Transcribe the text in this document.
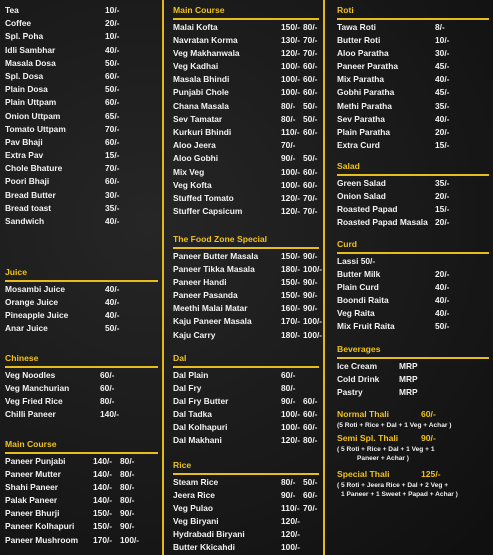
Tea	10/-
Coffee	20/-
Spl. Poha	10/-
Idli Sambhar	40/-
Masala Dosa	50/-
Spl. Dosa	60/-
Plain Dosa	50/-
Plain Uttpam	60/-
Onion Uttpam	65/-
Tomato Uttpam	70/-
Pav Bhaji	60/-
Extra Pav	15/-
Chole Bhature	70/-
Poori Bhaji	60/-
Bread Butter	30/-
Bread toast	35/-
Sandwich	40/-
Juice
Mosambi Juice	40/-
Orange Juice	40/-
Pineapple Juice	40/-
Anar Juice	50/-
Chinese
Veg Noodles	60/-
Veg Manchurian	60/-
Veg Fried Rice	80/-
Chilli Paneer	140/-
Main Course
Paneer Punjabi	140/- 80/-
Paneer Mutter	140/- 80/-
Shahi Paneer	140/- 80/-
Palak Paneer	140/- 80/-
Paneer Bhurji	150/- 90/-
Paneer Kolhapuri 150/- 90/-
Paneer Mushroom 170/- 100/-
Main Course
Malai Kofta	150/- 80/-
Navratan Korma	130/- 70/-
Veg Makhanwala	120/- 70/-
Veg Kadhai	100/- 60/-
Masala Bhindi	100/- 60/-
Punjabi Chole	100/- 60/-
Chana Masala	80/- 50/-
Sev Tamatar	80/- 50/-
Kurkuri Bhindi	110/- 60/-
Aloo Jeera	70/-
Aloo Gobhi	90/- 50/-
Mix Veg	100/- 60/-
Veg Kofta	100/- 60/-
Stuffed Tomato	120/- 70/-
Stuffer Capsicum	120/- 70/-
The Food Zone Special
Paneer Butter Masala	150/- 90/-
Paneer Tikka Masala	180/- 100/-
Paneer Handi	150/- 90/-
Paneer Pasanda	150/- 90/-
Meethi Malai Matar	160/- 90/-
Kaju Paneer Masala	170/- 100/-
Kaju Carry	180/- 100/-
Dal
Dal Plain	60/-
Dal Fry	80/-
Dal Fry Butter	90/- 60/-
Dal Tadka	100/- 60/-
Dal Kolhapuri	100/- 60/-
Dal Makhani	120/- 80/-
Rice
Steam Rice	80/- 50/-
Jeera Rice	90/- 60/-
Veg Pulao	110/- 70/-
Veg Biryani	120/-
Hydrabadi Biryani	120/-
Butter Kkicahdi	100/-
Roti
Tawa Roti	8/-
Butter Roti	10/-
Aloo Paratha	30/-
Paneer Paratha	45/-
Mix Paratha	40/-
Gobhi Paratha	45/-
Methi Paratha	35/-
Sev Paratha	40/-
Plain Paratha	20/-
Extra Curd	15/-
Salad
Green Salad	35/-
Onion Salad	20/-
Roasted Papad	15/-
Roasted Papad Masala 20/-
Curd
Lassi 50/-
Butter Milk	20/-
Plain Curd	40/-
Boondi Raita	40/-
Veg Raita	40/-
Mix Fruit Raita	50/-
Beverages
Ice Cream	MRP
Cold Drink MRP
Pastry	MRP
Normal Thali	60/-
(5 Roti + Rice + Dal + 1 Veg + Achar )
Semi Spl. Thali	90/-
( 5 Roti + Rice + Dal + 1 Veg + 1
Paneer + Achar )
Special Thali	125/-
( 5 Roti + Jeera Rice + Dal + 2 Veg +
1 Paneer + 1 Sweet + Papad + Achar )
